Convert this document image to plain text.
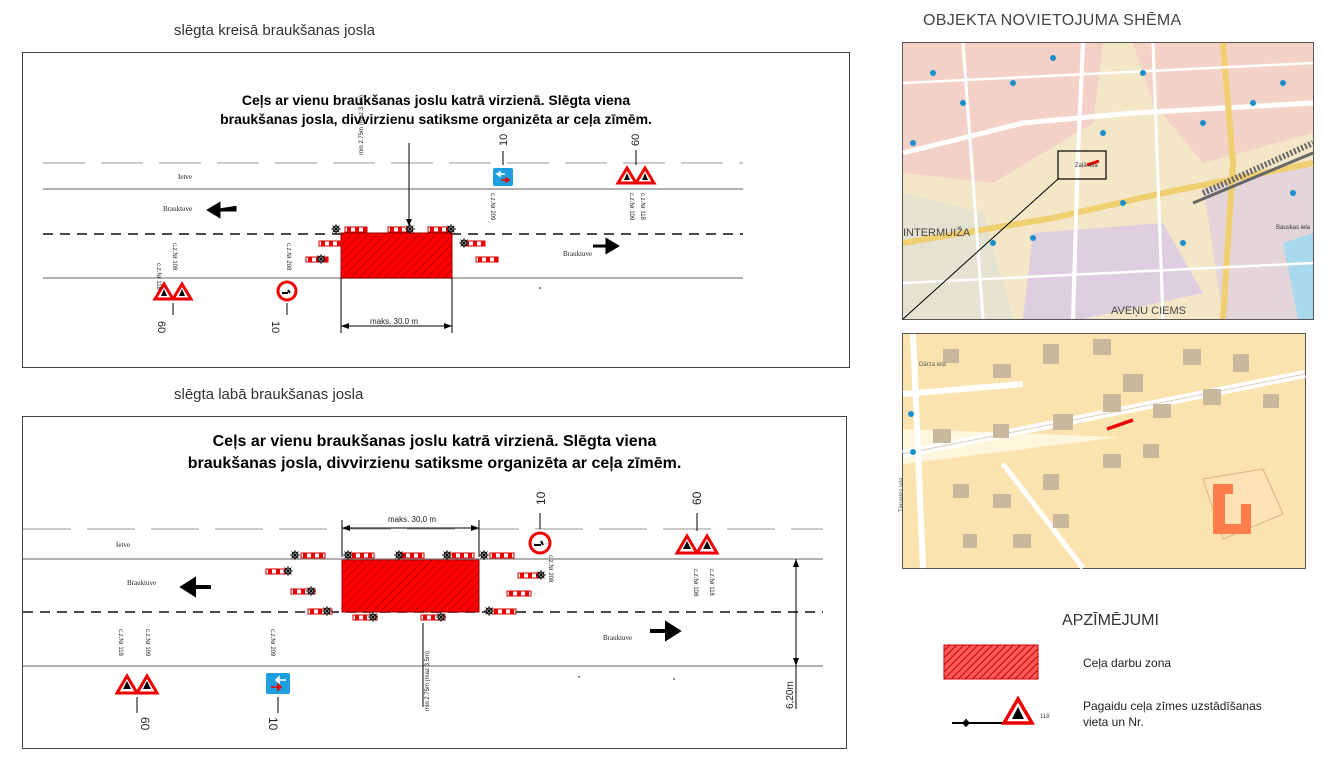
slēgta kreisā braukšanas josla
Ceļs ar vienu braukšanas joslu katrā virzienā. Slēgta viena
braukšanas josla, divvirzienu satiksme organizēta ar ceļa zīmēm.
Ietve
Brauktuve
Brauktuve
maks. 30.0 m
min 2.75m (maz 3.5m)
c.z.Nr 118
c.z.Nr 108	c.z.Nr 208
c.z.Nr 209	c.z.Nr 109 c.z.Nr 118
60	10
10	60
slēgta labā braukšanas josla
Ceļs ar vienu braukšanas joslu katrā virzienā. Slēgta viena
braukšanas josla, divvirzienu satiksme organizēta ar ceļa zīmēm.
Ietve
Brauktuve
Brauktuve
maks. 30,0 m
min 2.75m (maz 3.5m)	6,20m
c.z.Nr 118	c.z.Nr 109	c.z.Nr 209
c.z.Nr 208
c.z.Nr 108 c.z.Nr 118
60	10
10	60
OBJEKTA NOVIETOJUMA SHĒMA
INTERMUIŽA
AVEŅU CIEMS
Zaļā iela
Bauskas iela
Tērvetes iela
Dārza iela
APZĪMĒJUMI
Ceļa darbu zona
118
Pagaidu ceļa zīmes uzstādīšanas
vieta un Nr.
